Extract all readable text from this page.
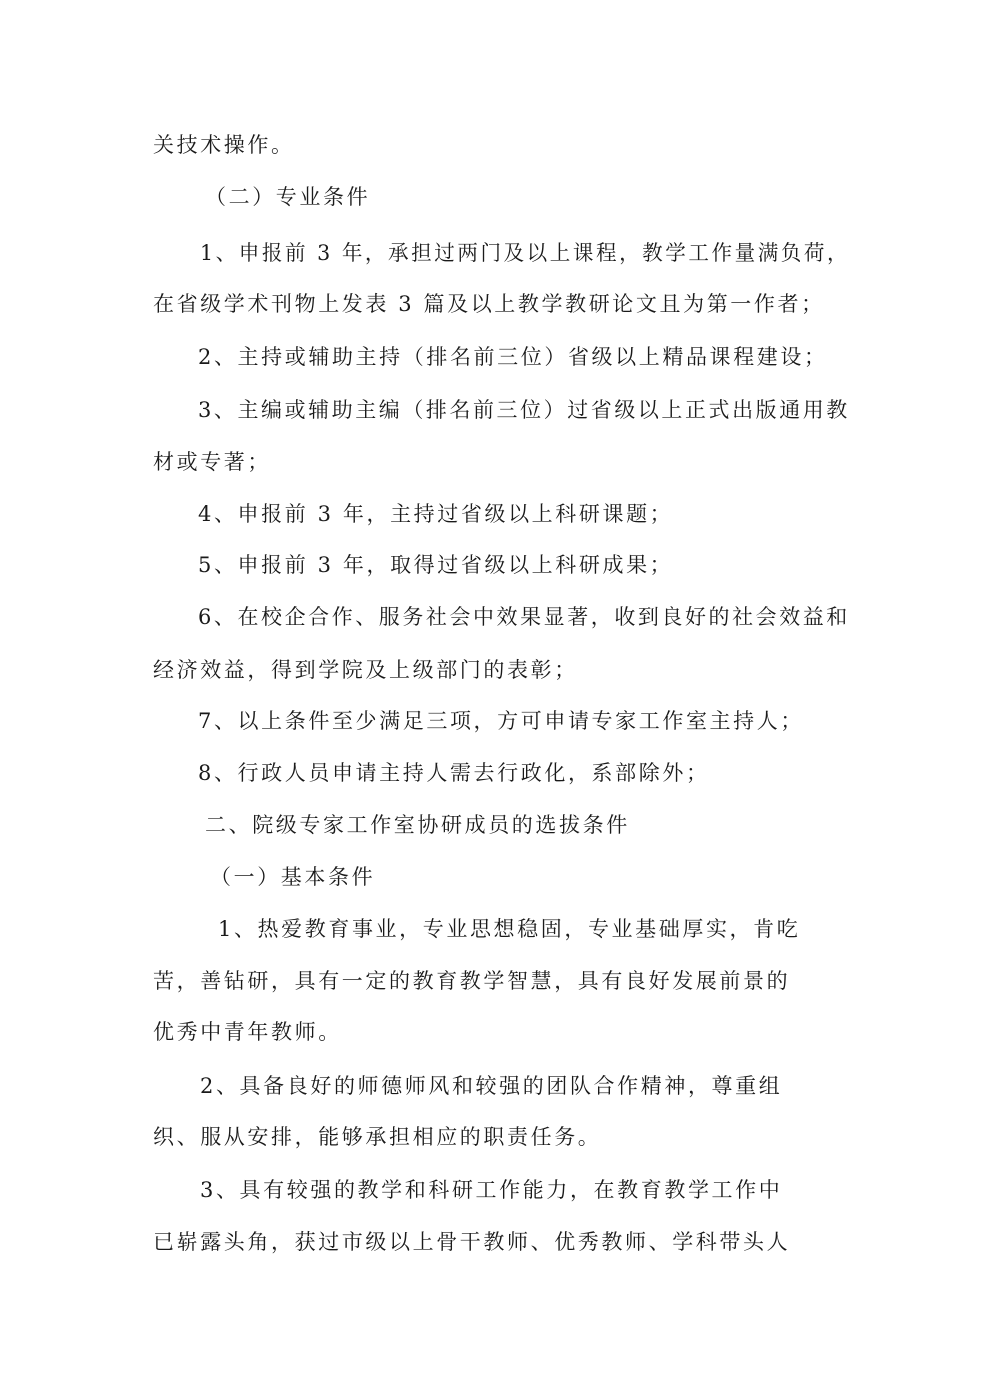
关技术操作。
（二）专业条件
1、申报前 3 年，承担过两门及以上课程，教学工作量满负荷，
在省级学术刊物上发表 3 篇及以上教学教研论文且为第一作者；
2、主持或辅助主持（排名前三位）省级以上精品课程建设；
3、主编或辅助主编（排名前三位）过省级以上正式出版通用教
材或专著；
4、申报前 3 年，主持过省级以上科研课题；
5、申报前 3 年，取得过省级以上科研成果；
6、在校企合作、服务社会中效果显著，收到良好的社会效益和
经济效益，得到学院及上级部门的表彰；
7、以上条件至少满足三项，方可申请专家工作室主持人；
8、行政人员申请主持人需去行政化，系部除外；
二、院级专家工作室协研成员的选拔条件
（一）基本条件
1、热爱教育事业，专业思想稳固，专业基础厚实，肯吃
苦，善钻研，具有一定的教育教学智慧，具有良好发展前景的
优秀中青年教师。
2、具备良好的师德师风和较强的团队合作精神，尊重组
织、服从安排，能够承担相应的职责任务。
3、具有较强的教学和科研工作能力，在教育教学工作中
已崭露头角，获过市级以上骨干教师、优秀教师、学科带头人
